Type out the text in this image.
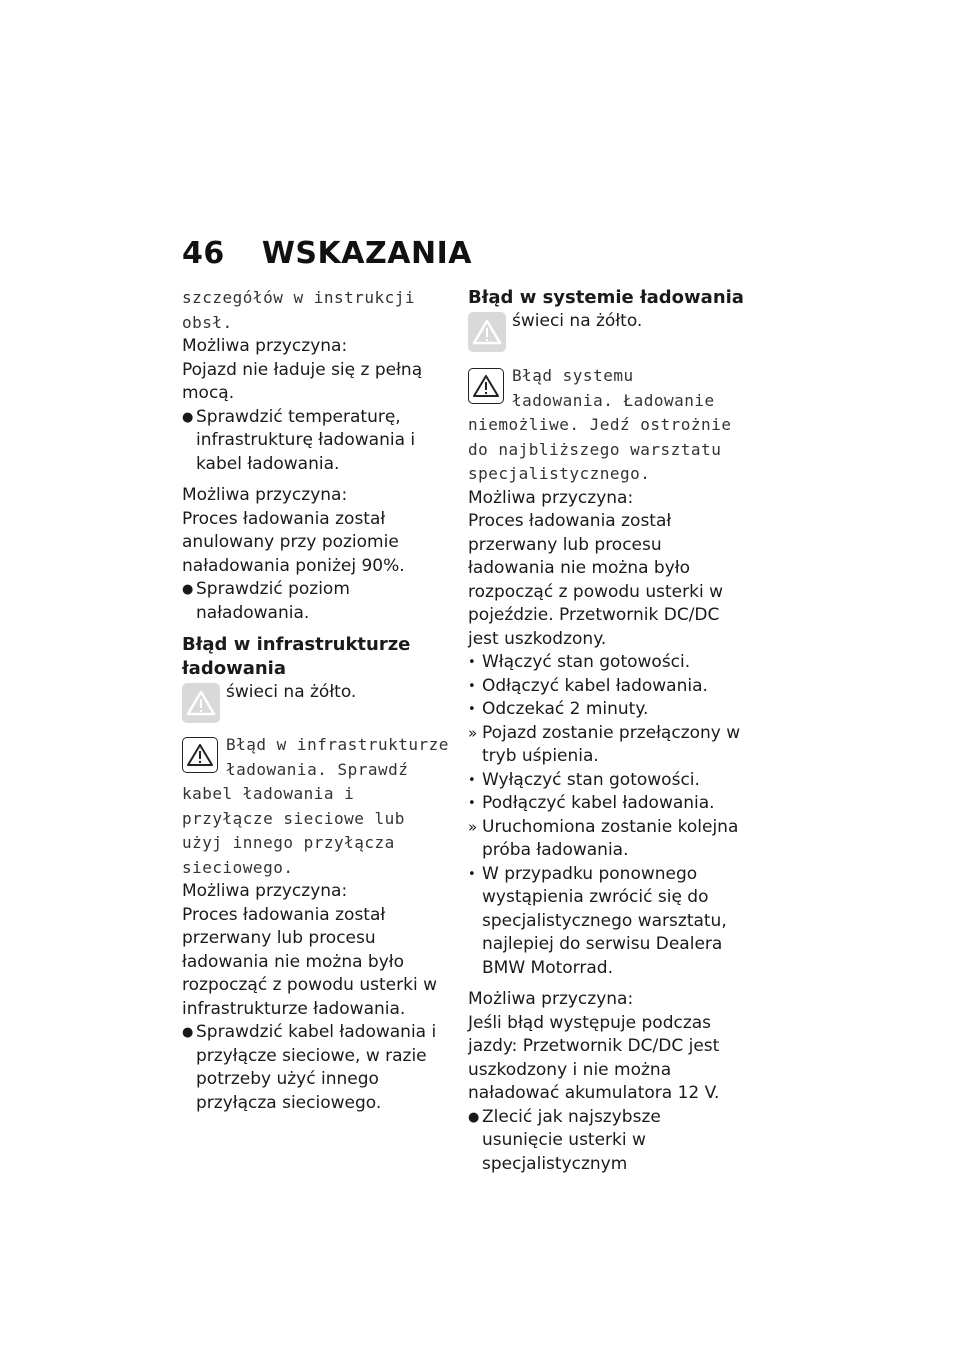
46 WSKAZANIA

szczegółów w instrukcji obsł.

Możliwa przyczyna:

Pojazd nie ładuje się z pełną mocą.

● Sprawdzić temperaturę, infrastrukturę ładowania i kabel ładowania.

Możliwa przyczyna:

Proces ładowania został anulowany przy poziomie naładowania poniżej 90%.

● Sprawdzić poziom naładowania.

Błąd w infrastrukturze ładowania

świeci na żółto.

Błąd w infrastrukturze ładowania. Sprawdź kabel ładowania i przyłącze sieciowe lub użyj innego przyłącza sieciowego.

Możliwa przyczyna:

Proces ładowania został przerwany lub procesu ładowania nie można było rozpocząć z powodu usterki w infrastrukturze ładowania.

● Sprawdzić kabel ładowania i przyłącze sieciowe, w razie potrzeby użyć innego przyłącza sieciowego.

Błąd w systemie ładowania

świeci na żółto.

Błąd systemu ładowania. Ładowanie niemożliwe. Jedź ostrożnie do najbliższego warsztatu specjalistycznego.

Możliwa przyczyna:

Proces ładowania został przerwany lub procesu ładowania nie można było rozpocząć z powodu usterki w pojeździe. Przetwornik DC/DC jest uszkodzony.

• Włączyć stan gotowości.
• Odłączyć kabel ładowania.
• Odczekać 2 minuty.
» Pojazd zostanie przełączony w tryb uśpienia.
• Wyłączyć stan gotowości.
• Podłączyć kabel ładowania.
» Uruchomiona zostanie kolejna próba ładowania.
• W przypadku ponownego wystąpienia zwrócić się do specjalistycznego warsztatu, najlepiej do serwisu Dealera BMW Motorrad.

Możliwa przyczyna:

Jeśli błąd występuje podczas jazdy: Przetwornik DC/DC jest uszkodzony i nie można naładować akumulatora 12 V.

● Zlecić jak najszybsze usunięcie usterki w specjalistycznym
